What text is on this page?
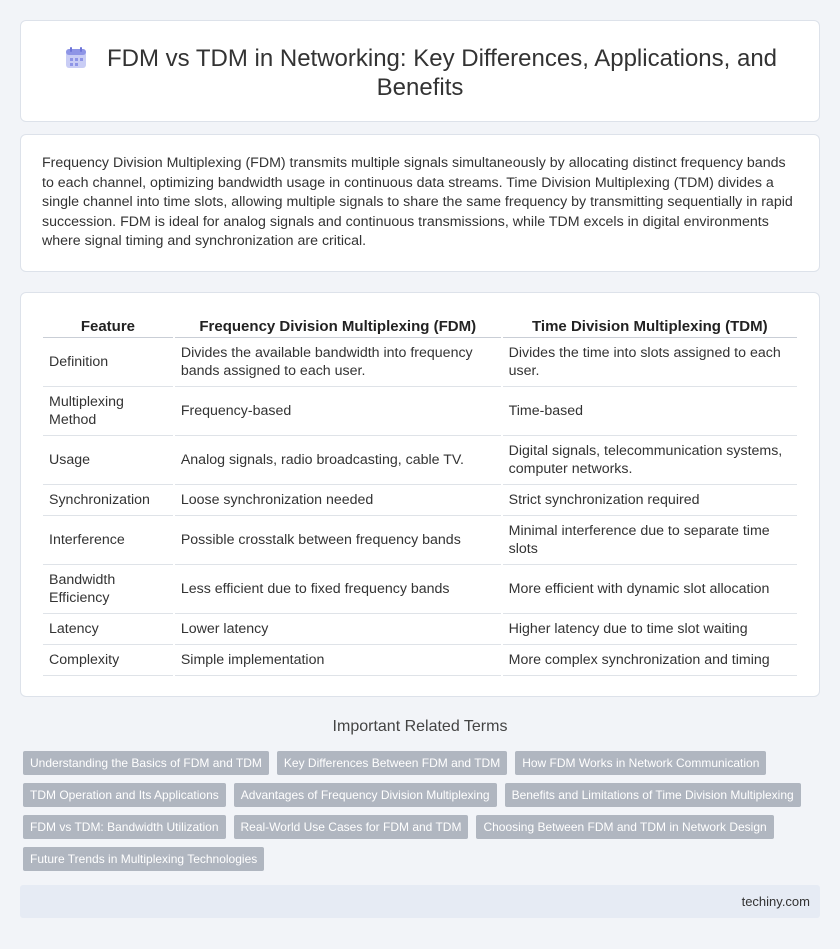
FDM vs TDM in Networking: Key Differences, Applications, and Benefits

Frequency Division Multiplexing (FDM) transmits multiple signals simultaneously by allocating distinct frequency bands to each channel, optimizing bandwidth usage in continuous data streams. Time Division Multiplexing (TDM) divides a single channel into time slots, allowing multiple signals to share the same frequency by transmitting sequentially in rapid succession. FDM is ideal for analog signals and continuous transmissions, while TDM excels in digital environments where signal timing and synchronization are critical.

Feature	Frequency Division Multiplexing (FDM)	Time Division Multiplexing (TDM)
Definition	Divides the available bandwidth into frequency bands assigned to each user.	Divides the time into slots assigned to each user.
Multiplexing Method	Frequency-based	Time-based
Usage	Analog signals, radio broadcasting, cable TV.	Digital signals, telecommunication systems, computer networks.
Synchronization	Loose synchronization needed	Strict synchronization required
Interference	Possible crosstalk between frequency bands	Minimal interference due to separate time slots
Bandwidth Efficiency	Less efficient due to fixed frequency bands	More efficient with dynamic slot allocation
Latency	Lower latency	Higher latency due to time slot waiting
Complexity	Simple implementation	More complex synchronization and timing
Important Related Terms
Understanding the Basics of FDM and TDM	Key Differences Between FDM and TDM	How FDM Works in Network Communication
TDM Operation and Its Applications	Advantages of Frequency Division Multiplexing	Benefits and Limitations of Time Division Multiplexing
FDM vs TDM: Bandwidth Utilization	Real-World Use Cases for FDM and TDM	Choosing Between FDM and TDM in Network Design
Future Trends in Multiplexing Technologies
techiny.com
